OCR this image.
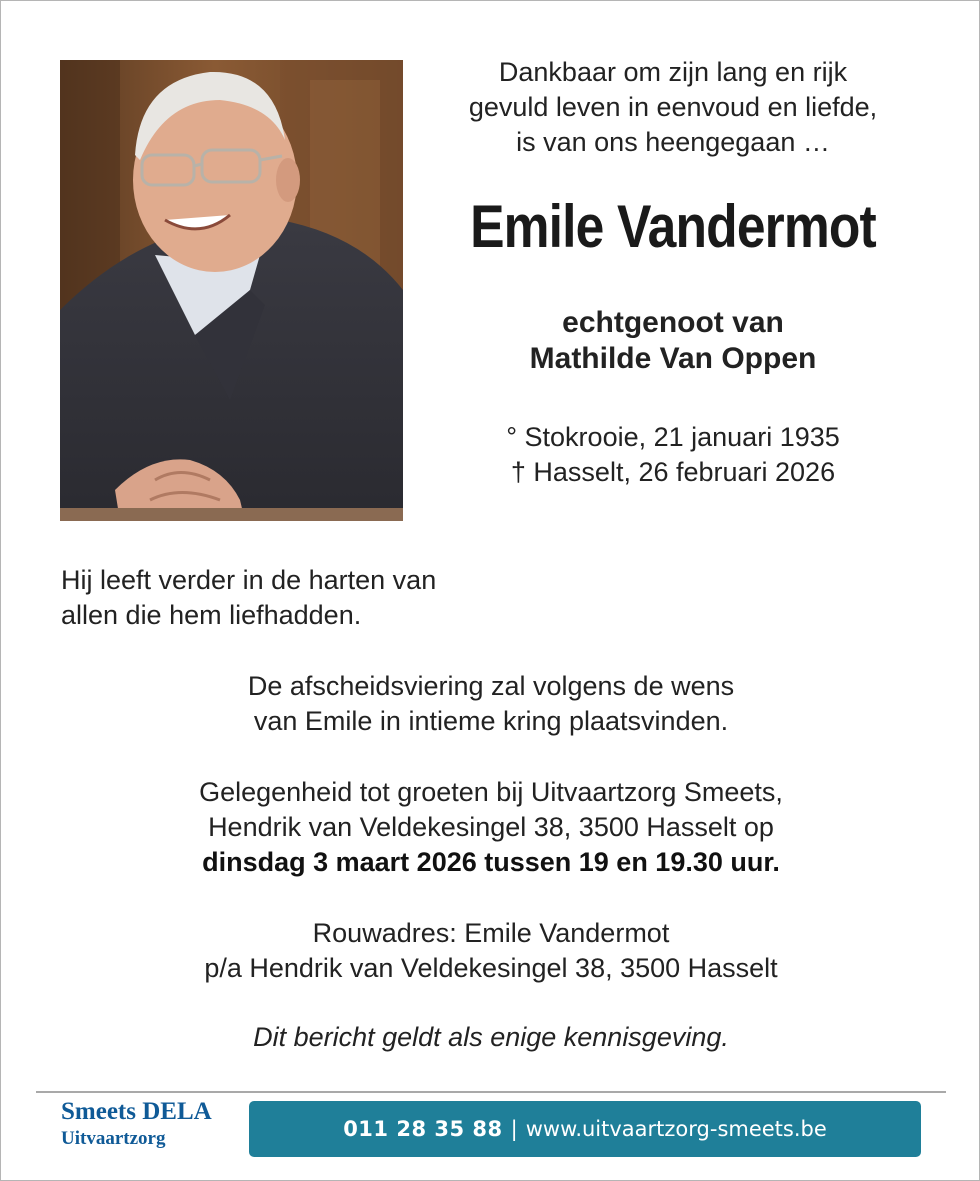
Dankbaar om zijn lang en rijk
gevuld leven in eenvoud en liefde,
is van ons heengegaan …
Emile Vandermot
echtgenoot van
Mathilde Van Oppen
° Stokrooie, 21 januari 1935
† Hasselt, 26 februari 2026
Hij leeft verder in de harten van
allen die hem liefhadden.
De afscheidsviering zal volgens de wens
van Emile in intieme kring plaatsvinden.
Gelegenheid tot groeten bij Uitvaartzorg Smeets,
Hendrik van Veldekesingel 38, 3500 Hasselt op
dinsdag 3 maart 2026 tussen 19 en 19.30 uur.
Rouwadres: Emile Vandermot
p/a Hendrik van Veldekesingel 38, 3500 Hasselt
Dit bericht geldt als enige kennisgeving.
Smeets DELA
Uitvaartzorg	011 28 35 88 | www.uitvaartzorg-smeets.be
